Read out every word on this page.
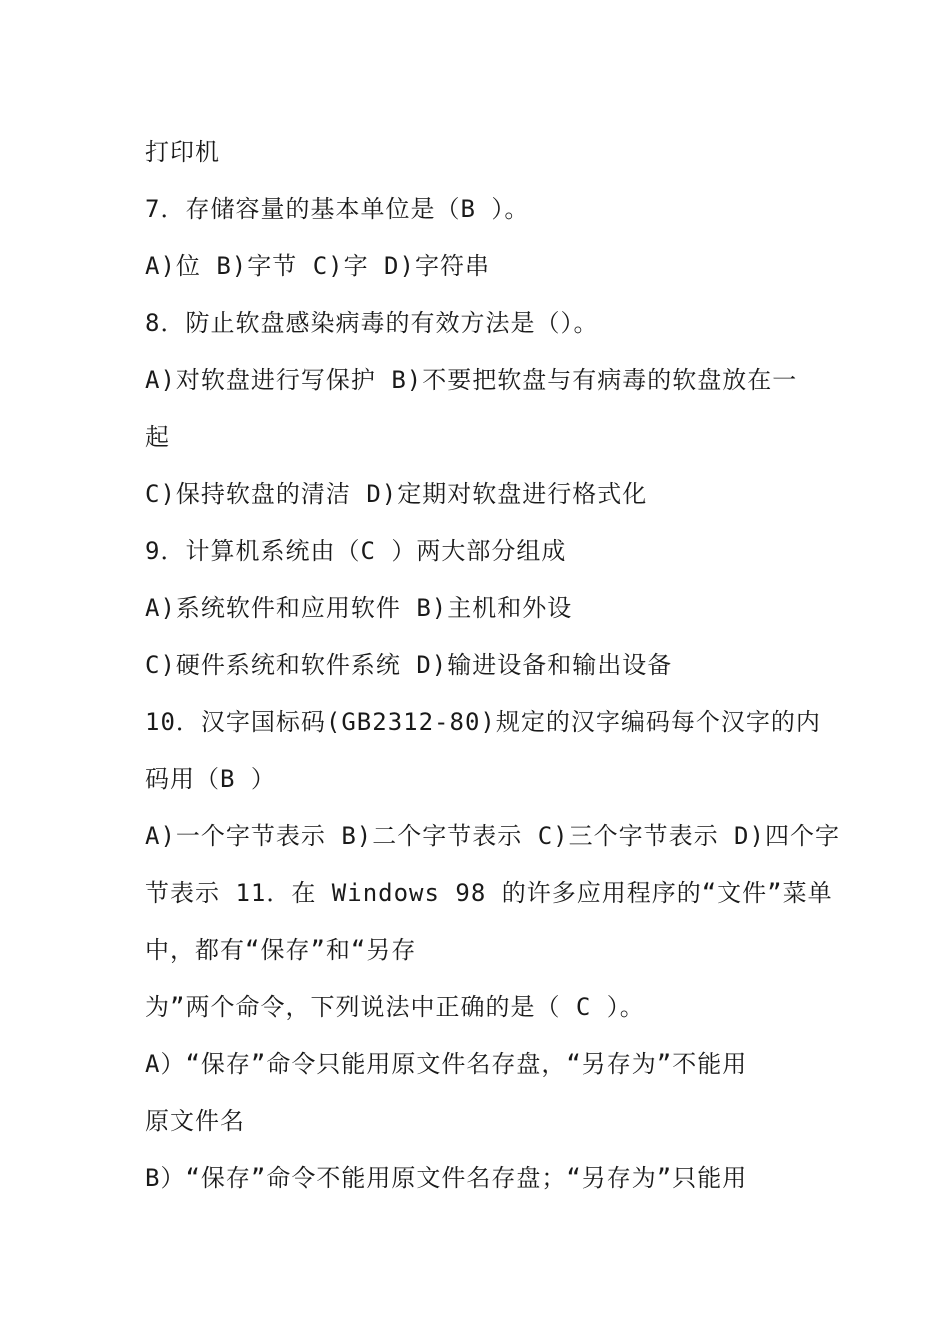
打印机
7．存储容量的基本单位是（B ）。
A)位 B)字节 C)字 D)字符串
8．防止软盘感染病毒的有效方法是（）。
A)对软盘进行写保护 B)不要把软盘与有病毒的软盘放在一
起
C)保持软盘的清洁 D)定期对软盘进行格式化
9．计算机系统由（C ）两大部分组成
A)系统软件和应用软件 B)主机和外设
C)硬件系统和软件系统 D)输进设备和输出设备
10．汉字国标码(GB2312-80)规定的汉字编码每个汉字的内
码用（B ）
A)一个字节表示 B)二个字节表示 C)三个字节表示 D)四个字
节表示 11．在 Windows 98 的许多应用程序的“文件”菜单
中，都有“保存”和“另存
为”两个命令，下列说法中正确的是（ C ）。
A）“保存”命令只能用原文件名存盘，“另存为”不能用
原文件名
B）“保存”命令不能用原文件名存盘；“另存为”只能用
